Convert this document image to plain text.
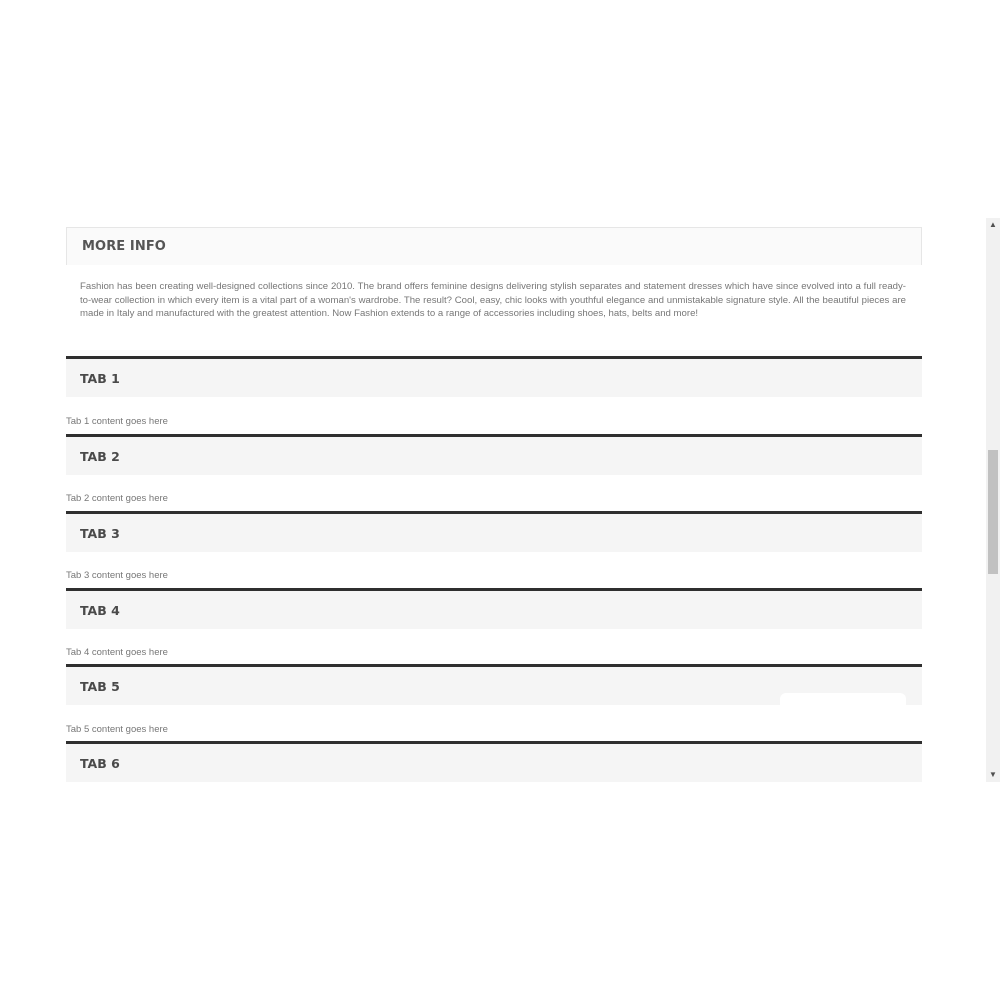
MORE INFO
Fashion has been creating well-designed collections since 2010. The brand offers feminine designs delivering stylish separates and statement dresses which have since evolved into a full ready-to-wear collection in which every item is a vital part of a woman's wardrobe. The result? Cool, easy, chic looks with youthful elegance and unmistakable signature style. All the beautiful pieces are made in Italy and manufactured with the greatest attention. Now Fashion extends to a range of accessories including shoes, hats, belts and more!
TAB 1
Tab 1 content goes here
TAB 2
Tab 2 content goes here
TAB 3
Tab 3 content goes here
TAB 4
Tab 4 content goes here
TAB 5
Tab 5 content goes here
TAB 6
▲
▼
